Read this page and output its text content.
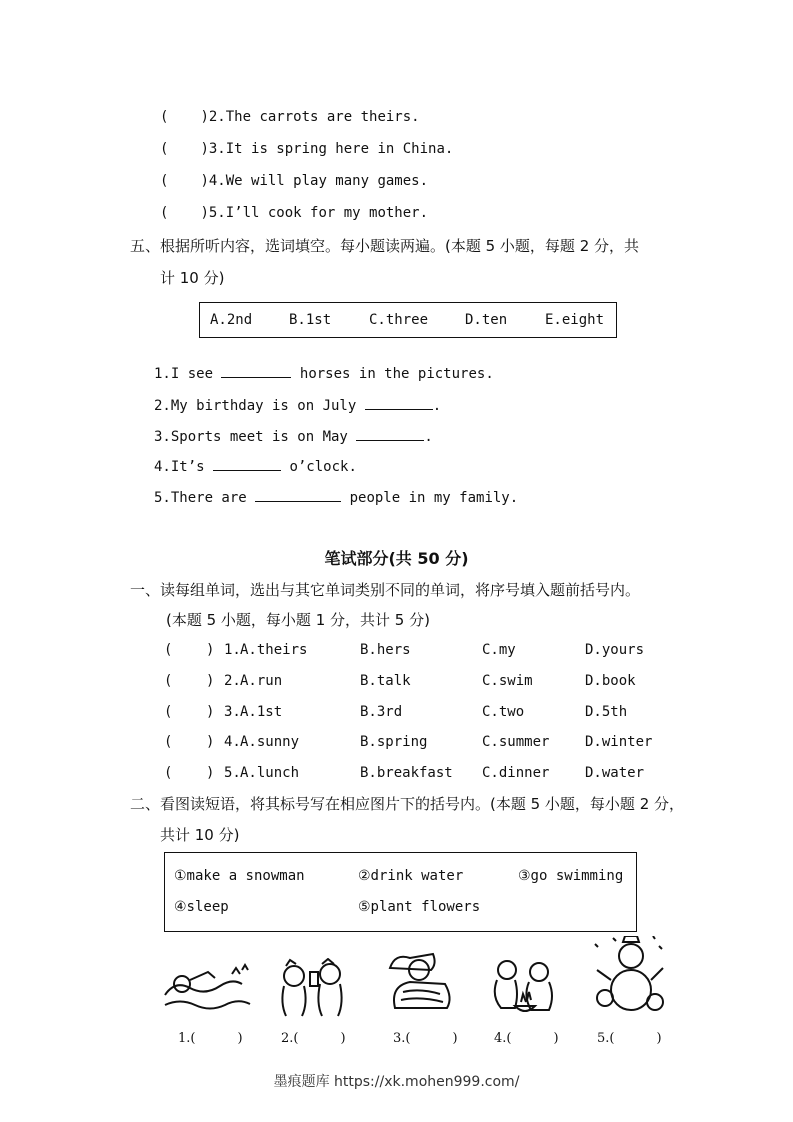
( )2.The carrots are theirs.
( )3.It is spring here in China.
( )4.We will play many games.
( )5.I’ll cook for my mother.
五、根据所听内容，选词填空。每小题读两遍。(本题 5 小题，每题 2 分，共
计 10 分)
A.2nd	B.1st	C.three	D.ten	E.eight
1.I see	horses in the pictures.
2.My birthday is on July	.
3.Sports meet is on May	.
4.It’s	o’clock.
5.There are	people in my family.
笔试部分(共 50 分)
一、读每组单词，选出与其它单词类别不同的单词，将序号填入题前括号内。
(本题 5 小题，每小题 1 分，共计 5 分)
( ) 1. A.theirs	B.hers	C.my	D.yours
( ) 2. A.run	B.talk	C.swim	D.book
( ) 3. A.1st	B.3rd	C.two	D.5th
( ) 4. A.sunny	B.spring	C.summer	D.winter
( ) 5. A.lunch	B.breakfast C.dinner	D.water
二、看图读短语，将其标号写在相应图片下的括号内。(本题 5 小题，每小题 2 分，
共计 10 分)
①make a snowman	②drink water	③go swimming
④sleep	⑤plant flowers
1.(	)	2.(	)	3.(	)	4.(	)	5.(	)
墨痕题库 https://xk.mohen999.com/
